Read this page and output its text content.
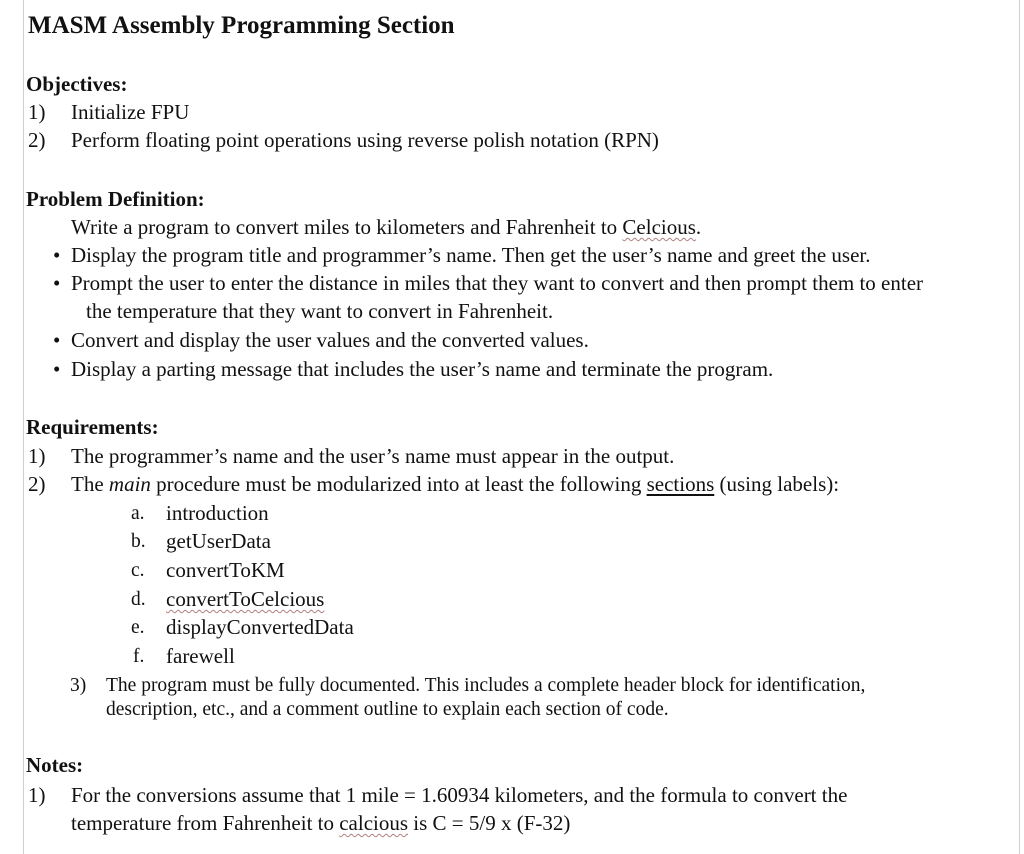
MASM Assembly Programming Section
Objectives:
1) Initialize FPU
2) Perform floating point operations using reverse polish notation (RPN)
Problem Definition:
Write a program to convert miles to kilometers and Fahrenheit to Celcious.
• Display the program title and programmer’s name. Then get the user’s name and greet the user.
• Prompt the user to enter the distance in miles that they want to convert and then prompt them to enter
the temperature that they want to convert in Fahrenheit.
• Convert and display the user values and the converted values.
• Display a parting message that includes the user’s name and terminate the program.
Requirements:
1) The programmer’s name and the user’s name must appear in the output.
2) The main procedure must be modularized into at least the following sections (using labels):
a. introduction
b. getUserData
c. convertToKM
d. convertToCelcious
e. displayConvertedData
f. farewell
3) The program must be fully documented. This includes a complete header block for identification,
description, etc., and a comment outline to explain each section of code.
Notes:
1) For the conversions assume that 1 mile = 1.60934 kilometers, and the formula to convert the
temperature from Fahrenheit to calcious is C = 5/9 x (F-32)
